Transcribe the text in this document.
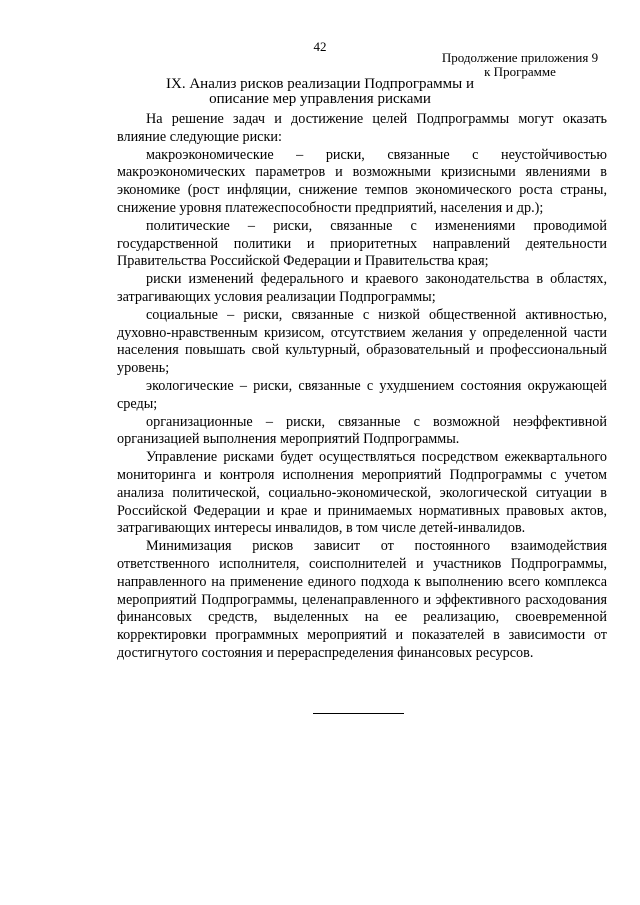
42
Продолжение приложения 9
к Программе
IX. Анализ рисков реализации Подпрограммы и
описание мер управления рисками

На решение задач и достижение целей Подпрограммы могут оказать влияние следующие риски:

макроэкономические – риски, связанные с неустойчивостью макроэкономических параметров и возможными кризисными явлениями в экономике (рост инфляции, снижение темпов экономического роста страны, снижение уровня платежеспособности предприятий, населения и др.);

политические – риски, связанные с изменениями проводимой государственной политики и приоритетных направлений деятельности Правительства Российской Федерации и Правительства края;

риски изменений федерального и краевого законодательства в областях, затрагивающих условия реализации Подпрограммы;

социальные – риски, связанные с низкой общественной активностью, духовно-нравственным кризисом, отсутствием желания у определенной части населения повышать свой культурный, образовательный и профессиональный уровень;

экологические – риски, связанные с ухудшением состояния окружающей среды;

организационные – риски, связанные с возможной неэффективной организацией выполнения мероприятий Подпрограммы.

Управление рисками будет осуществляться посредством ежеквартального мониторинга и контроля исполнения мероприятий Подпрограммы с учетом анализа политической, социально-экономической, экологической ситуации в Российской Федерации и крае и принимаемых нормативных правовых актов, затрагивающих интересы инвалидов, в том числе детей-инвалидов.

Минимизация рисков зависит от постоянного взаимодействия ответственного исполнителя, соисполнителей и участников Подпрограммы, направленного на применение единого подхода к выполнению всего комплекса мероприятий Подпрограммы, целенаправленного и эффективного расходования финансовых средств, выделенных на ее реализацию, своевременной корректировки программных мероприятий и показателей в зависимости от достигнутого состояния и перераспределения финансовых ресурсов.
